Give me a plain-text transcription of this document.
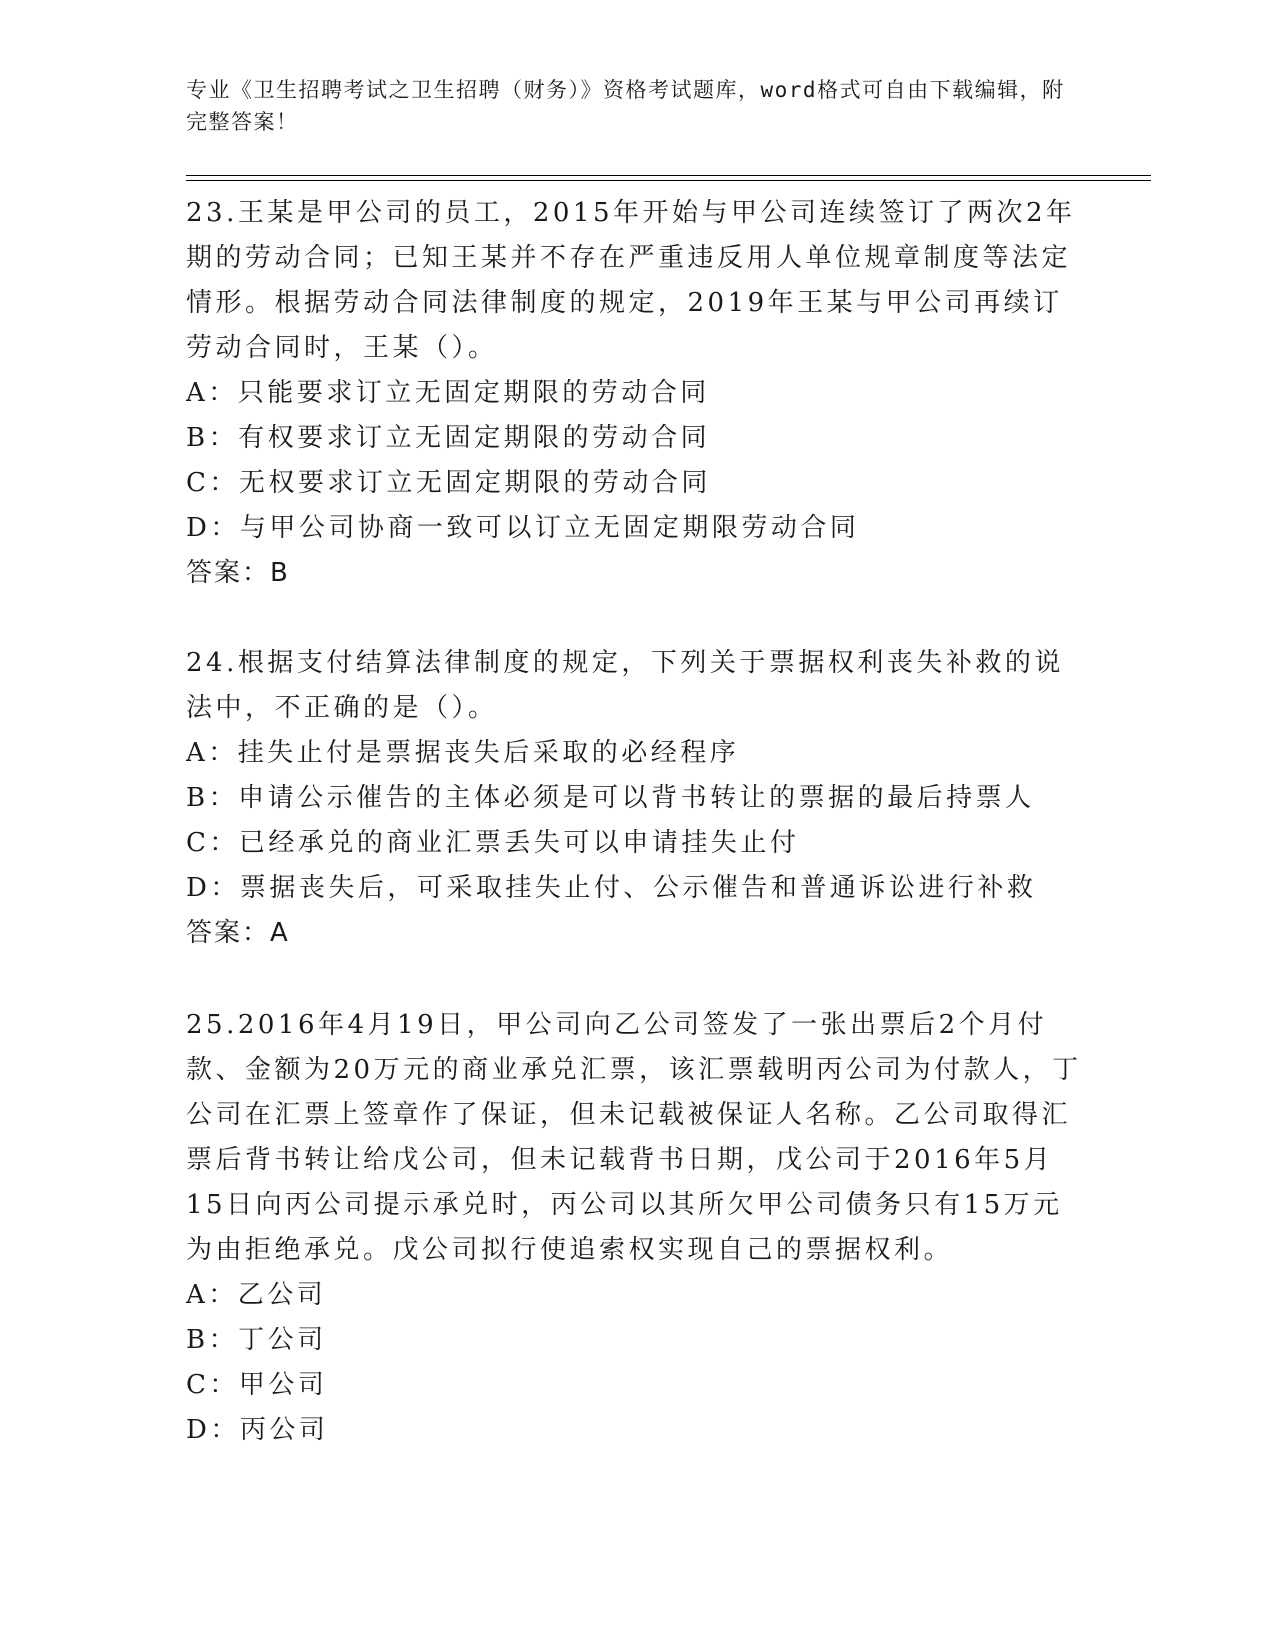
专业《卫生招聘考试之卫生招聘（财务）》资格考试题库，word格式可自由下载编辑，附完整答案！

23.王某是甲公司的员工，2015年开始与甲公司连续签订了两次2年期的劳动合同；已知王某并不存在严重违反用人单位规章制度等法定情形。根据劳动合同法律制度的规定，2019年王某与甲公司再续订劳动合同时，王某（）。

A：只能要求订立无固定期限的劳动合同

B：有权要求订立无固定期限的劳动合同

C：无权要求订立无固定期限的劳动合同

D：与甲公司协商一致可以订立无固定期限劳动合同

答案：B

24.根据支付结算法律制度的规定，下列关于票据权利丧失补救的说法中，不正确的是（）。

A：挂失止付是票据丧失后采取的必经程序

B：申请公示催告的主体必须是可以背书转让的票据的最后持票人

C：已经承兑的商业汇票丢失可以申请挂失止付

D：票据丧失后，可采取挂失止付、公示催告和普通诉讼进行补救

答案：A

25.2016年4月19日，甲公司向乙公司签发了一张出票后2个月付款、金额为20万元的商业承兑汇票，该汇票载明丙公司为付款人，丁公司在汇票上签章作了保证，但未记载被保证人名称。乙公司取得汇票后背书转让给戊公司，但未记载背书日期，戊公司于2016年5月15日向丙公司提示承兑时，丙公司以其所欠甲公司债务只有15万元为由拒绝承兑。戊公司拟行使追索权实现自己的票据权利。

A：乙公司

B：丁公司

C：甲公司

D：丙公司
